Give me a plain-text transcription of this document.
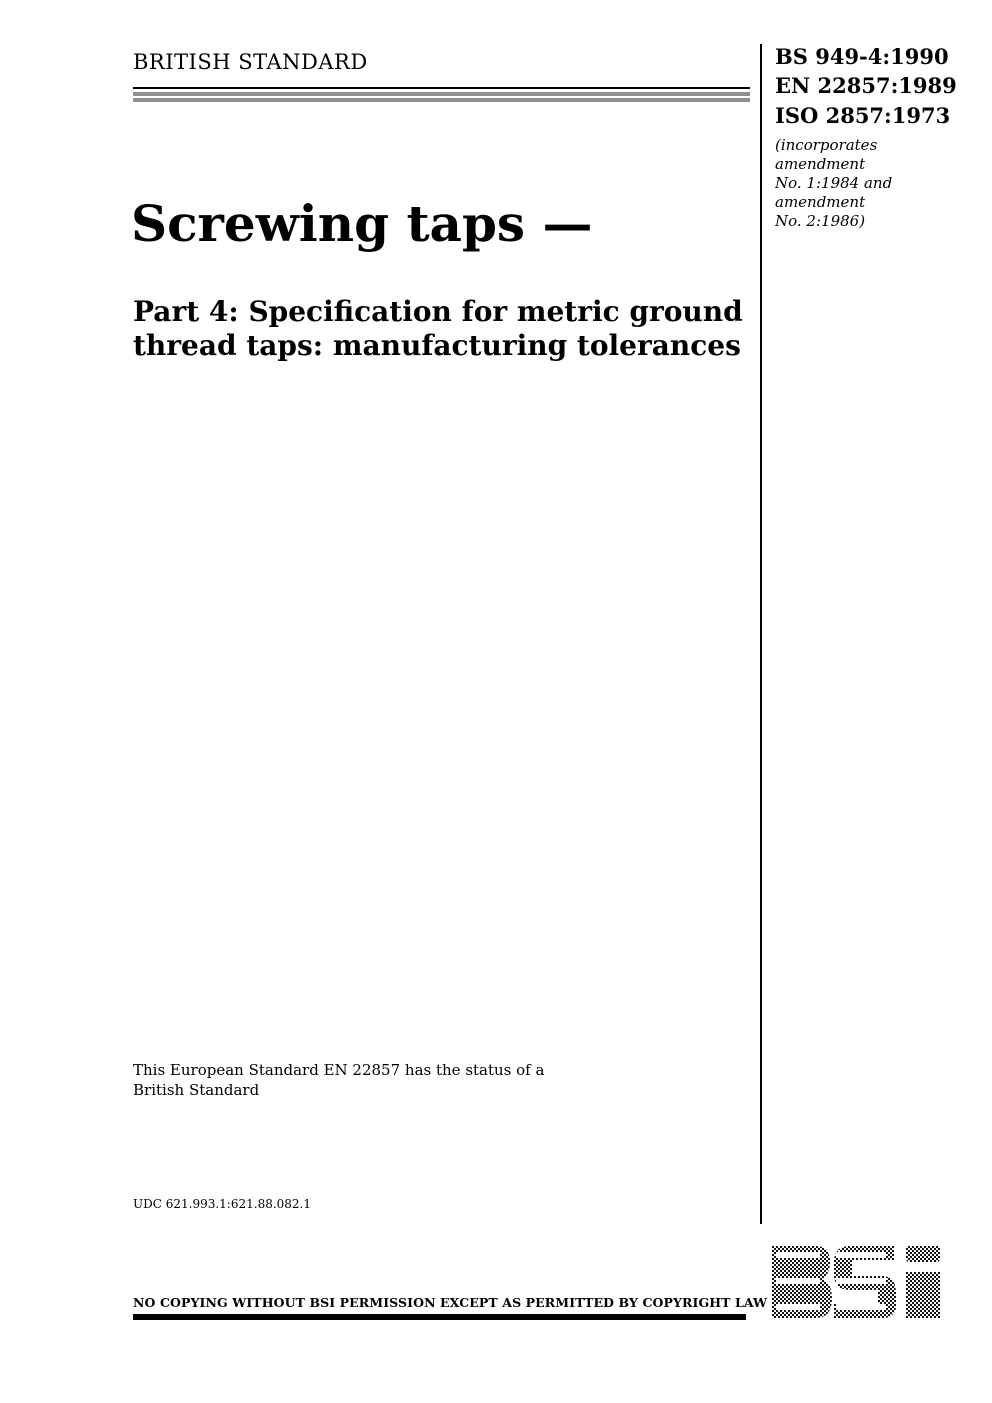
BRITISH STANDARD	BS 949-4:1990
EN 22857:1989
ISO 2857:1973
(incorporates
amendment
No. 1:1984 and
amendment
No. 2:1986)
Screwing taps —
Part 4: Specification for metric ground thread taps: manufacturing tolerances
This European Standard EN 22857 has the status of a
British Standard
UDC 621.993.1:621.88.082.1
NO COPYING WITHOUT BSI PERMISSION EXCEPT AS PERMITTED BY COPYRIGHT LAW
